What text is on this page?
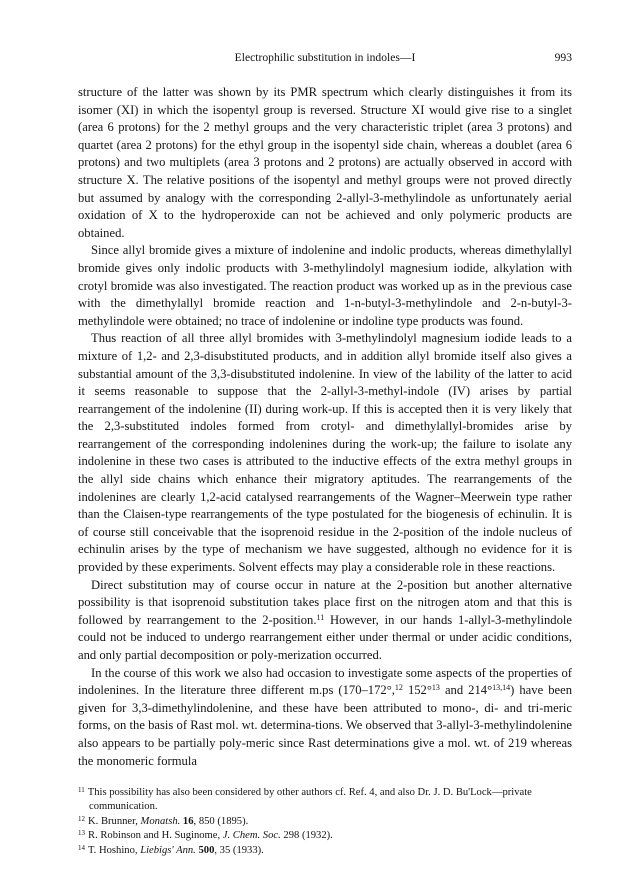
Electrophilic substitution in indoles—I	993

structure of the latter was shown by its PMR spectrum which clearly distinguishes it from its isomer (XI) in which the isopentyl group is reversed. Structure XI would give rise to a singlet (area 6 protons) for the 2 methyl groups and the very characteristic triplet (area 3 protons) and quartet (area 2 protons) for the ethyl group in the isopentyl side chain, whereas a doublet (area 6 protons) and two multiplets (area 3 protons and 2 protons) are actually observed in accord with structure X. The relative positions of the isopentyl and methyl groups were not proved directly but assumed by analogy with the corresponding 2-allyl-3-methylindole as unfortunately aerial oxidation of X to the hydroperoxide can not be achieved and only polymeric products are obtained.

Since allyl bromide gives a mixture of indolenine and indolic products, whereas dimethylallyl bromide gives only indolic products with 3-methylindolyl magnesium iodide, alkylation with crotyl bromide was also investigated. The reaction product was worked up as in the previous case with the dimethylallyl bromide reaction and 1-n-butyl-3-methylindole and 2-n-butyl-3-methylindole were obtained; no trace of indolenine or indoline type products was found.

Thus reaction of all three allyl bromides with 3-methylindolyl magnesium iodide leads to a mixture of 1,2- and 2,3-disubstituted products, and in addition allyl bromide itself also gives a substantial amount of the 3,3-disubstituted indolenine. In view of the lability of the latter to acid it seems reasonable to suppose that the 2-allyl-3-methyl-indole (IV) arises by partial rearrangement of the indolenine (II) during work-up. If this is accepted then it is very likely that the 2,3-substituted indoles formed from crotyl- and dimethylallyl-bromides arise by rearrangement of the corresponding indolenines during the work-up; the failure to isolate any indolenine in these two cases is attributed to the inductive effects of the extra methyl groups in the allyl side chains which enhance their migratory aptitudes. The rearrangements of the indolenines are clearly 1,2-acid catalysed rearrangements of the Wagner–Meerwein type rather than the Claisen-type rearrangements of the type postulated for the biogenesis of echinulin. It is of course still conceivable that the isoprenoid residue in the 2-position of the indole nucleus of echinulin arises by the type of mechanism we have suggested, although no evidence for it is provided by these experiments. Solvent effects may play a considerable role in these reactions.

Direct substitution may of course occur in nature at the 2-position but another alternative possibility is that isoprenoid substitution takes place first on the nitrogen atom and that this is followed by rearrangement to the 2-position.$^{11}$ However, in our hands 1-allyl-3-methylindole could not be induced to undergo rearrangement either under thermal or under acidic conditions, and only partial decomposition or poly-merization occurred.

In the course of this work we also had occasion to investigate some aspects of the properties of indolenines. In the literature three different m.ps (170–172°,$^{12}$ 152°$^{13}$ and 214°$^{13,14}$) have been given for 3,3-dimethylindolenine, and these have been attributed to mono-, di- and tri-meric forms, on the basis of Rast mol. wt. determina-tions. We observed that 3-allyl-3-methylindolenine also appears to be partially poly-meric since Rast determinations give a mol. wt. of 219 whereas the monomeric formula

$^{11}$ This possibility has also been considered by other authors cf. Ref. 4, and also Dr. J. D. Bu'Lock—private communication.

$^{12}$ K. Brunner, Monatsh. 16, 850 (1895).

$^{13}$ R. Robinson and H. Suginome, J. Chem. Soc. 298 (1932).

$^{14}$ T. Hoshino, Liebigs' Ann. 500, 35 (1933).
